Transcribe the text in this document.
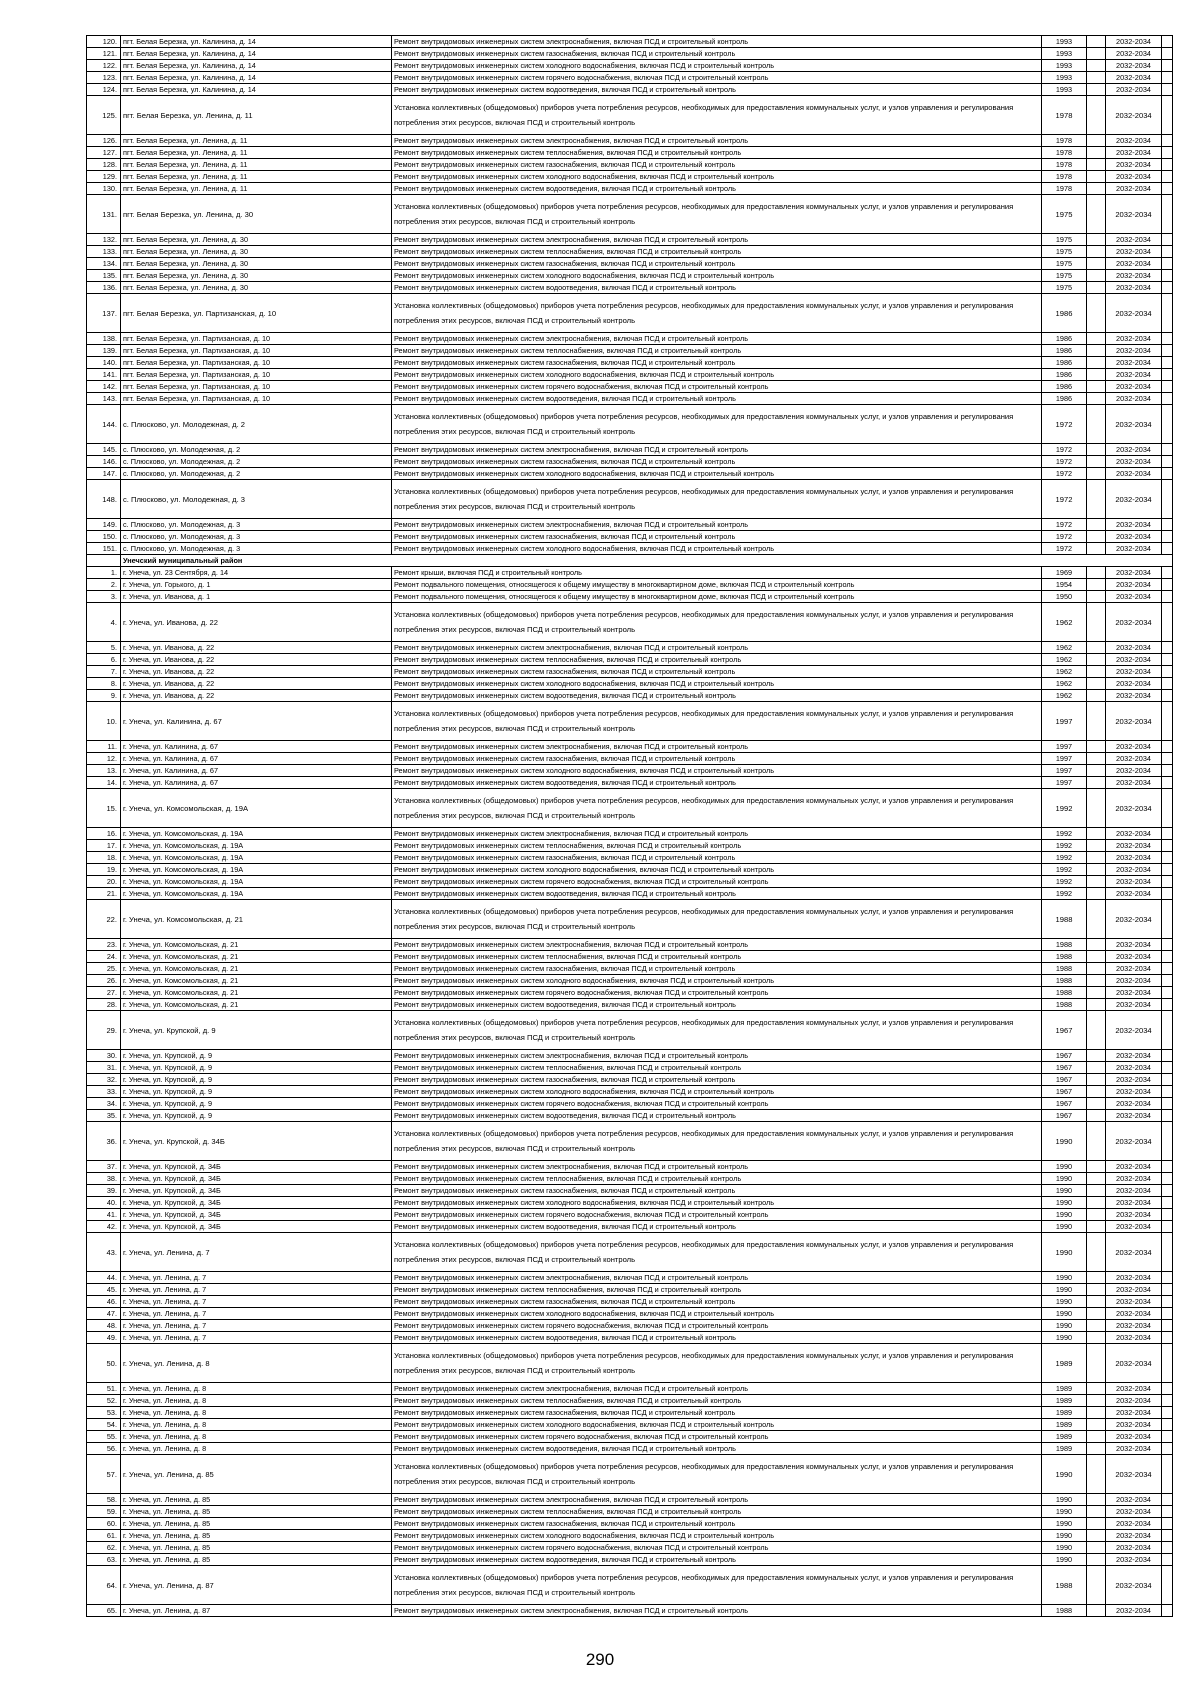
120.	пгт. Белая Березка, ул. Калинина, д. 14	Ремонт внутридомовых инженерных систем электроснабжения, включая ПСД и строительный контроль	1993		2032-2034	
121.	пгт. Белая Березка, ул. Калинина, д. 14	Ремонт внутридомовых инженерных систем газоснабжения, включая ПСД и строительный контроль	1993		2032-2034	
122.	пгт. Белая Березка, ул. Калинина, д. 14	Ремонт внутридомовых инженерных систем холодного водоснабжения, включая ПСД и строительный контроль	1993		2032-2034	
123.	пгт. Белая Березка, ул. Калинина, д. 14	Ремонт внутридомовых инженерных систем горячего водоснабжения, включая ПСД и строительный контроль	1993		2032-2034	
124.	пгт. Белая Березка, ул. Калинина, д. 14	Ремонт внутридомовых инженерных систем водоотведения, включая ПСД и строительный контроль	1993		2032-2034	
125.	пгт. Белая Березка, ул. Ленина, д. 11	Установка коллективных (общедомовых) приборов учета потребления ресурсов, необходимых для предоставления коммунальных услуг, и узлов управления и регулирования потребления этих ресурсов, включая ПСД и строительный контроль	1978		2032-2034	
126.	пгт. Белая Березка, ул. Ленина, д. 11	Ремонт внутридомовых инженерных систем электроснабжения, включая ПСД и строительный контроль	1978		2032-2034	
127.	пгт. Белая Березка, ул. Ленина, д. 11	Ремонт внутридомовых инженерных систем теплоснабжения, включая ПСД и строительный контроль	1978		2032-2034	
128.	пгт. Белая Березка, ул. Ленина, д. 11	Ремонт внутридомовых инженерных систем газоснабжения, включая ПСД и строительный контроль	1978		2032-2034	
129.	пгт. Белая Березка, ул. Ленина, д. 11	Ремонт внутридомовых инженерных систем холодного водоснабжения, включая ПСД и строительный контроль	1978		2032-2034	
130.	пгт. Белая Березка, ул. Ленина, д. 11	Ремонт внутридомовых инженерных систем водоотведения, включая ПСД и строительный контроль	1978		2032-2034	
131.	пгт. Белая Березка, ул. Ленина, д. 30	Установка коллективных (общедомовых) приборов учета потребления ресурсов, необходимых для предоставления коммунальных услуг, и узлов управления и регулирования потребления этих ресурсов, включая ПСД и строительный контроль	1975		2032-2034	
132.	пгт. Белая Березка, ул. Ленина, д. 30	Ремонт внутридомовых инженерных систем электроснабжения, включая ПСД и строительный контроль	1975		2032-2034	
133.	пгт. Белая Березка, ул. Ленина, д. 30	Ремонт внутридомовых инженерных систем теплоснабжения, включая ПСД и строительный контроль	1975		2032-2034	
134.	пгт. Белая Березка, ул. Ленина, д. 30	Ремонт внутридомовых инженерных систем газоснабжения, включая ПСД и строительный контроль	1975		2032-2034	
135.	пгт. Белая Березка, ул. Ленина, д. 30	Ремонт внутридомовых инженерных систем холодного водоснабжения, включая ПСД и строительный контроль	1975		2032-2034	
136.	пгт. Белая Березка, ул. Ленина, д. 30	Ремонт внутридомовых инженерных систем водоотведения, включая ПСД и строительный контроль	1975		2032-2034	
137.	пгт. Белая Березка, ул. Партизанская, д. 10	Установка коллективных (общедомовых) приборов учета потребления ресурсов, необходимых для предоставления коммунальных услуг, и узлов управления и регулирования потребления этих ресурсов, включая ПСД и строительный контроль	1986		2032-2034	
138.	пгт. Белая Березка, ул. Партизанская, д. 10	Ремонт внутридомовых инженерных систем электроснабжения, включая ПСД и строительный контроль	1986		2032-2034	
139.	пгт. Белая Березка, ул. Партизанская, д. 10	Ремонт внутридомовых инженерных систем теплоснабжения, включая ПСД и строительный контроль	1986		2032-2034	
140.	пгт. Белая Березка, ул. Партизанская, д. 10	Ремонт внутридомовых инженерных систем газоснабжения, включая ПСД и строительный контроль	1986		2032-2034	
141.	пгт. Белая Березка, ул. Партизанская, д. 10	Ремонт внутридомовых инженерных систем холодного водоснабжения, включая ПСД и строительный контроль	1986		2032-2034	
142.	пгт. Белая Березка, ул. Партизанская, д. 10	Ремонт внутридомовых инженерных систем горячего водоснабжения, включая ПСД и строительный контроль	1986		2032-2034	
143.	пгт. Белая Березка, ул. Партизанская, д. 10	Ремонт внутридомовых инженерных систем водоотведения, включая ПСД и строительный контроль	1986		2032-2034	
144.	с. Плюсково, ул. Молодежная, д. 2	Установка коллективных (общедомовых) приборов учета потребления ресурсов, необходимых для предоставления коммунальных услуг, и узлов управления и регулирования потребления этих ресурсов, включая ПСД и строительный контроль	1972		2032-2034	
145.	с. Плюсково, ул. Молодежная, д. 2	Ремонт внутридомовых инженерных систем электроснабжения, включая ПСД и строительный контроль	1972		2032-2034	
146.	с. Плюсково, ул. Молодежная, д. 2	Ремонт внутридомовых инженерных систем газоснабжения, включая ПСД и строительный контроль	1972		2032-2034	
147.	с. Плюсково, ул. Молодежная, д. 2	Ремонт внутридомовых инженерных систем холодного водоснабжения, включая ПСД и строительный контроль	1972		2032-2034	
148.	с. Плюсково, ул. Молодежная, д. 3	Установка коллективных (общедомовых) приборов учета потребления ресурсов, необходимых для предоставления коммунальных услуг, и узлов управления и регулирования потребления этих ресурсов, включая ПСД и строительный контроль	1972		2032-2034	
149.	с. Плюсково, ул. Молодежная, д. 3	Ремонт внутридомовых инженерных систем электроснабжения, включая ПСД и строительный контроль	1972		2032-2034	
150.	с. Плюсково, ул. Молодежная, д. 3	Ремонт внутридомовых инженерных систем газоснабжения, включая ПСД и строительный контроль	1972		2032-2034	
151.	с. Плюсково, ул. Молодежная, д. 3	Ремонт внутридомовых инженерных систем холодного водоснабжения, включая ПСД и строительный контроль	1972		2032-2034	
	Унечский муниципальный район					
1.	г. Унеча, ул. 23 Сентября, д. 14	Ремонт крыши, включая ПСД и строительный контроль	1969		2032-2034	
2.	г. Унеча, ул. Горького, д. 1	Ремонт подвального помещения, относящегося к общему имуществу в многоквартирном доме, включая ПСД и строительный контроль	1954		2032-2034	
3.	г. Унеча, ул. Иванова, д. 1	Ремонт подвального помещения, относящегося к общему имуществу в многоквартирном доме, включая ПСД и строительный контроль	1950		2032-2034	
4.	г. Унеча, ул. Иванова, д. 22	Установка коллективных (общедомовых) приборов учета потребления ресурсов, необходимых для предоставления коммунальных услуг, и узлов управления и регулирования потребления этих ресурсов, включая ПСД и строительный контроль	1962		2032-2034	
5.	г. Унеча, ул. Иванова, д. 22	Ремонт внутридомовых инженерных систем электроснабжения, включая ПСД и строительный контроль	1962		2032-2034	
6.	г. Унеча, ул. Иванова, д. 22	Ремонт внутридомовых инженерных систем теплоснабжения, включая ПСД и строительный контроль	1962		2032-2034	
7.	г. Унеча, ул. Иванова, д. 22	Ремонт внутридомовых инженерных систем газоснабжения, включая ПСД и строительный контроль	1962		2032-2034	
8.	г. Унеча, ул. Иванова, д. 22	Ремонт внутридомовых инженерных систем холодного водоснабжения, включая ПСД и строительный контроль	1962		2032-2034	
9.	г. Унеча, ул. Иванова, д. 22	Ремонт внутридомовых инженерных систем водоотведения, включая ПСД и строительный контроль	1962		2032-2034	
10.	г. Унеча, ул. Калинина, д. 67	Установка коллективных (общедомовых) приборов учета потребления ресурсов, необходимых для предоставления коммунальных услуг, и узлов управления и регулирования потребления этих ресурсов, включая ПСД и строительный контроль	1997		2032-2034	
11.	г. Унеча, ул. Калинина, д. 67	Ремонт внутридомовых инженерных систем электроснабжения, включая ПСД и строительный контроль	1997		2032-2034	
12.	г. Унеча, ул. Калинина, д. 67	Ремонт внутридомовых инженерных систем газоснабжения, включая ПСД и строительный контроль	1997		2032-2034	
13.	г. Унеча, ул. Калинина, д. 67	Ремонт внутридомовых инженерных систем холодного водоснабжения, включая ПСД и строительный контроль	1997		2032-2034	
14.	г. Унеча, ул. Калинина, д. 67	Ремонт внутридомовых инженерных систем водоотведения, включая ПСД и строительный контроль	1997		2032-2034	
15.	г. Унеча, ул. Комсомольская, д. 19А	Установка коллективных (общедомовых) приборов учета потребления ресурсов, необходимых для предоставления коммунальных услуг, и узлов управления и регулирования потребления этих ресурсов, включая ПСД и строительный контроль	1992		2032-2034	
16.	г. Унеча, ул. Комсомольская, д. 19А	Ремонт внутридомовых инженерных систем электроснабжения, включая ПСД и строительный контроль	1992		2032-2034	
17.	г. Унеча, ул. Комсомольская, д. 19А	Ремонт внутридомовых инженерных систем теплоснабжения, включая ПСД и строительный контроль	1992		2032-2034	
18.	г. Унеча, ул. Комсомольская, д. 19А	Ремонт внутридомовых инженерных систем газоснабжения, включая ПСД и строительный контроль	1992		2032-2034	
19.	г. Унеча, ул. Комсомольская, д. 19А	Ремонт внутридомовых инженерных систем холодного водоснабжения, включая ПСД и строительный контроль	1992		2032-2034	
20.	г. Унеча, ул. Комсомольская, д. 19А	Ремонт внутридомовых инженерных систем горячего водоснабжения, включая ПСД и строительный контроль	1992		2032-2034	
21.	г. Унеча, ул. Комсомольская, д. 19А	Ремонт внутридомовых инженерных систем водоотведения, включая ПСД и строительный контроль	1992		2032-2034	
22.	г. Унеча, ул. Комсомольская, д. 21	Установка коллективных (общедомовых) приборов учета потребления ресурсов, необходимых для предоставления коммунальных услуг, и узлов управления и регулирования потребления этих ресурсов, включая ПСД и строительный контроль	1988		2032-2034	
23.	г. Унеча, ул. Комсомольская, д. 21	Ремонт внутридомовых инженерных систем электроснабжения, включая ПСД и строительный контроль	1988		2032-2034	
24.	г. Унеча, ул. Комсомольская, д. 21	Ремонт внутридомовых инженерных систем теплоснабжения, включая ПСД и строительный контроль	1988		2032-2034	
25.	г. Унеча, ул. Комсомольская, д. 21	Ремонт внутридомовых инженерных систем газоснабжения, включая ПСД и строительный контроль	1988		2032-2034	
26.	г. Унеча, ул. Комсомольская, д. 21	Ремонт внутридомовых инженерных систем холодного водоснабжения, включая ПСД и строительный контроль	1988		2032-2034	
27.	г. Унеча, ул. Комсомольская, д. 21	Ремонт внутридомовых инженерных систем горячего водоснабжения, включая ПСД и строительный контроль	1988		2032-2034	
28.	г. Унеча, ул. Комсомольская, д. 21	Ремонт внутридомовых инженерных систем водоотведения, включая ПСД и строительный контроль	1988		2032-2034	
29.	г. Унеча, ул. Крупской, д. 9	Установка коллективных (общедомовых) приборов учета потребления ресурсов, необходимых для предоставления коммунальных услуг, и узлов управления и регулирования потребления этих ресурсов, включая ПСД и строительный контроль	1967		2032-2034	
30.	г. Унеча, ул. Крупской, д. 9	Ремонт внутридомовых инженерных систем электроснабжения, включая ПСД и строительный контроль	1967		2032-2034	
31.	г. Унеча, ул. Крупской, д. 9	Ремонт внутридомовых инженерных систем теплоснабжения, включая ПСД и строительный контроль	1967		2032-2034	
32.	г. Унеча, ул. Крупской, д. 9	Ремонт внутридомовых инженерных систем газоснабжения, включая ПСД и строительный контроль	1967		2032-2034	
33.	г. Унеча, ул. Крупской, д. 9	Ремонт внутридомовых инженерных систем холодного водоснабжения, включая ПСД и строительный контроль	1967		2032-2034	
34.	г. Унеча, ул. Крупской, д. 9	Ремонт внутридомовых инженерных систем горячего водоснабжения, включая ПСД и строительный контроль	1967		2032-2034	
35.	г. Унеча, ул. Крупской, д. 9	Ремонт внутридомовых инженерных систем водоотведения, включая ПСД и строительный контроль	1967		2032-2034	
36.	г. Унеча, ул. Крупской, д. 34Б	Установка коллективных (общедомовых) приборов учета потребления ресурсов, необходимых для предоставления коммунальных услуг, и узлов управления и регулирования потребления этих ресурсов, включая ПСД и строительный контроль	1990		2032-2034	
37.	г. Унеча, ул. Крупской, д. 34Б	Ремонт внутридомовых инженерных систем электроснабжения, включая ПСД и строительный контроль	1990		2032-2034	
38.	г. Унеча, ул. Крупской, д. 34Б	Ремонт внутридомовых инженерных систем теплоснабжения, включая ПСД и строительный контроль	1990		2032-2034	
39.	г. Унеча, ул. Крупской, д. 34Б	Ремонт внутридомовых инженерных систем газоснабжения, включая ПСД и строительный контроль	1990		2032-2034	
40.	г. Унеча, ул. Крупской, д. 34Б	Ремонт внутридомовых инженерных систем холодного водоснабжения, включая ПСД и строительный контроль	1990		2032-2034	
41.	г. Унеча, ул. Крупской, д. 34Б	Ремонт внутридомовых инженерных систем горячего водоснабжения, включая ПСД и строительный контроль	1990		2032-2034	
42.	г. Унеча, ул. Крупской, д. 34Б	Ремонт внутридомовых инженерных систем водоотведения, включая ПСД и строительный контроль	1990		2032-2034	
43.	г. Унеча, ул. Ленина, д. 7	Установка коллективных (общедомовых) приборов учета потребления ресурсов, необходимых для предоставления коммунальных услуг, и узлов управления и регулирования потребления этих ресурсов, включая ПСД и строительный контроль	1990		2032-2034	
44.	г. Унеча, ул. Ленина, д. 7	Ремонт внутридомовых инженерных систем электроснабжения, включая ПСД и строительный контроль	1990		2032-2034	
45.	г. Унеча, ул. Ленина, д. 7	Ремонт внутридомовых инженерных систем теплоснабжения, включая ПСД и строительный контроль	1990		2032-2034	
46.	г. Унеча, ул. Ленина, д. 7	Ремонт внутридомовых инженерных систем газоснабжения, включая ПСД и строительный контроль	1990		2032-2034	
47.	г. Унеча, ул. Ленина, д. 7	Ремонт внутридомовых инженерных систем холодного водоснабжения, включая ПСД и строительный контроль	1990		2032-2034	
48.	г. Унеча, ул. Ленина, д. 7	Ремонт внутридомовых инженерных систем горячего водоснабжения, включая ПСД и строительный контроль	1990		2032-2034	
49.	г. Унеча, ул. Ленина, д. 7	Ремонт внутридомовых инженерных систем водоотведения, включая ПСД и строительный контроль	1990		2032-2034	
50.	г. Унеча, ул. Ленина, д. 8	Установка коллективных (общедомовых) приборов учета потребления ресурсов, необходимых для предоставления коммунальных услуг, и узлов управления и регулирования потребления этих ресурсов, включая ПСД и строительный контроль	1989		2032-2034	
51.	г. Унеча, ул. Ленина, д. 8	Ремонт внутридомовых инженерных систем электроснабжения, включая ПСД и строительный контроль	1989		2032-2034	
52.	г. Унеча, ул. Ленина, д. 8	Ремонт внутридомовых инженерных систем теплоснабжения, включая ПСД и строительный контроль	1989		2032-2034	
53.	г. Унеча, ул. Ленина, д. 8	Ремонт внутридомовых инженерных систем газоснабжения, включая ПСД и строительный контроль	1989		2032-2034	
54.	г. Унеча, ул. Ленина, д. 8	Ремонт внутридомовых инженерных систем холодного водоснабжения, включая ПСД и строительный контроль	1989		2032-2034	
55.	г. Унеча, ул. Ленина, д. 8	Ремонт внутридомовых инженерных систем горячего водоснабжения, включая ПСД и строительный контроль	1989		2032-2034	
56.	г. Унеча, ул. Ленина, д. 8	Ремонт внутридомовых инженерных систем водоотведения, включая ПСД и строительный контроль	1989		2032-2034	
57.	г. Унеча, ул. Ленина, д. 85	Установка коллективных (общедомовых) приборов учета потребления ресурсов, необходимых для предоставления коммунальных услуг, и узлов управления и регулирования потребления этих ресурсов, включая ПСД и строительный контроль	1990		2032-2034	
58.	г. Унеча, ул. Ленина, д. 85	Ремонт внутридомовых инженерных систем электроснабжения, включая ПСД и строительный контроль	1990		2032-2034	
59.	г. Унеча, ул. Ленина, д. 85	Ремонт внутридомовых инженерных систем теплоснабжения, включая ПСД и строительный контроль	1990		2032-2034	
60.	г. Унеча, ул. Ленина, д. 85	Ремонт внутридомовых инженерных систем газоснабжения, включая ПСД и строительный контроль	1990		2032-2034	
61.	г. Унеча, ул. Ленина, д. 85	Ремонт внутридомовых инженерных систем холодного водоснабжения, включая ПСД и строительный контроль	1990		2032-2034	
62.	г. Унеча, ул. Ленина, д. 85	Ремонт внутридомовых инженерных систем горячего водоснабжения, включая ПСД и строительный контроль	1990		2032-2034	
63.	г. Унеча, ул. Ленина, д. 85	Ремонт внутридомовых инженерных систем водоотведения, включая ПСД и строительный контроль	1990		2032-2034	
64.	г. Унеча, ул. Ленина, д. 87	Установка коллективных (общедомовых) приборов учета потребления ресурсов, необходимых для предоставления коммунальных услуг, и узлов управления и регулирования потребления этих ресурсов, включая ПСД и строительный контроль	1988		2032-2034	
65.	г. Унеча, ул. Ленина, д. 87	Ремонт внутридомовых инженерных систем электроснабжения, включая ПСД и строительный контроль	1988		2032-2034	
290
